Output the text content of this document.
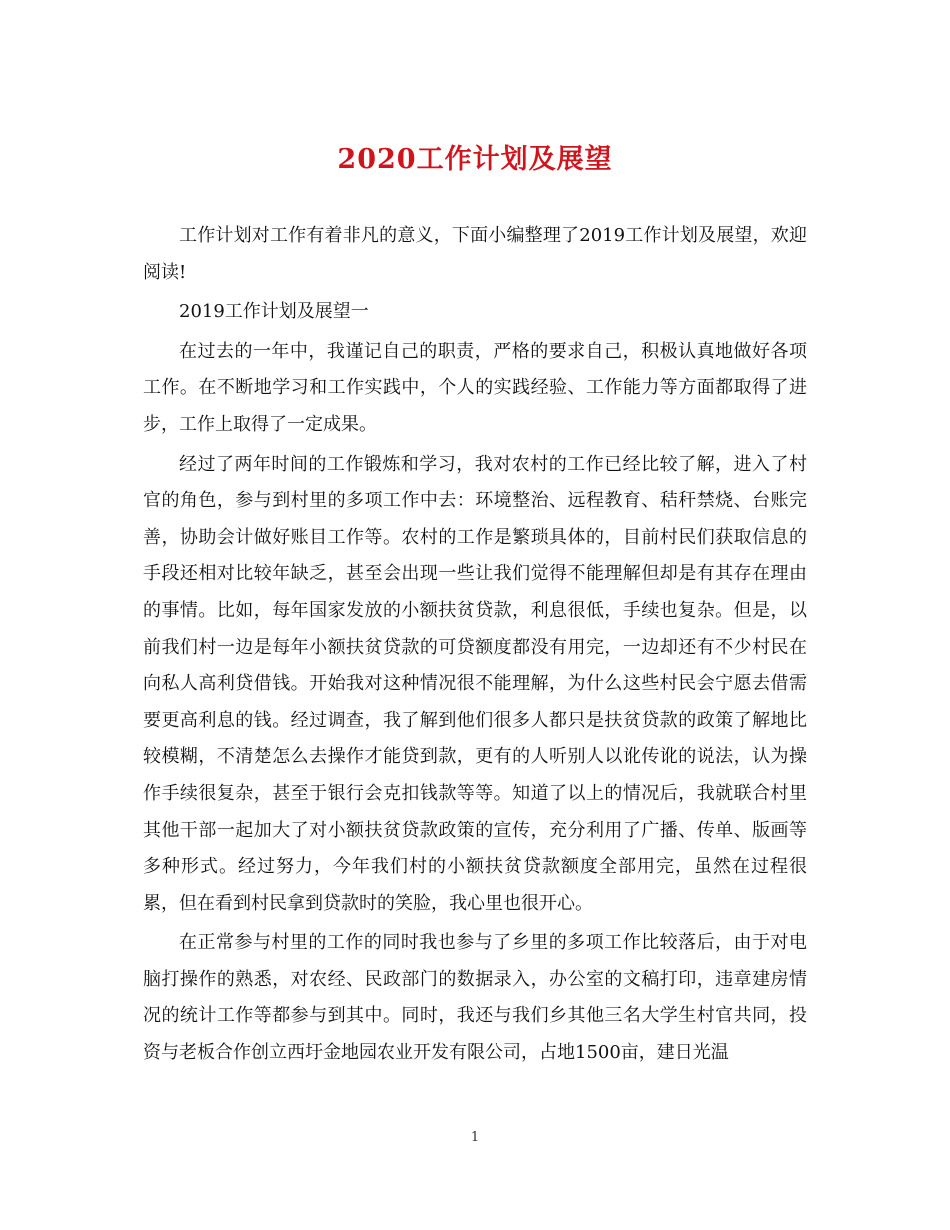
2020工作计划及展望

工作计划对工作有着非凡的意义，下面小编整理了2019工作计划及展望，欢迎阅读!

2019工作计划及展望一

在过去的一年中，我谨记自己的职责，严格的要求自己，积极认真地做好各项工作。在不断地学习和工作实践中，个人的实践经验、工作能力等方面都取得了进步，工作上取得了一定成果。

经过了两年时间的工作锻炼和学习，我对农村的工作已经比较了解，进入了村官的角色，参与到村里的多项工作中去：环境整治、远程教育、秸秆禁烧、台账完善，协助会计做好账目工作等。农村的工作是繁琐具体的，目前村民们获取信息的手段还相对比较年缺乏，甚至会出现一些让我们觉得不能理解但却是有其存在理由的事情。比如，每年国家发放的小额扶贫贷款，利息很低，手续也复杂。但是，以前我们村一边是每年小额扶贫贷款的可贷额度都没有用完，一边却还有不少村民在向私人高利贷借钱。开始我对这种情况很不能理解，为什么这些村民会宁愿去借需要更高利息的钱。经过调查，我了解到他们很多人都只是扶贫贷款的政策了解地比较模糊，不清楚怎么去操作才能贷到款，更有的人听别人以讹传讹的说法，认为操作手续很复杂，甚至于银行会克扣钱款等等。知道了以上的情况后，我就联合村里其他干部一起加大了对小额扶贫贷款政策的宣传，充分利用了广播、传单、版画等多种形式。经过努力，今年我们村的小额扶贫贷款额度全部用完，虽然在过程很累，但在看到村民拿到贷款时的笑脸，我心里也很开心。

在正常参与村里的工作的同时我也参与了乡里的多项工作比较落后，由于对电脑打操作的熟悉，对农经、民政部门的数据录入，办公室的文稿打印，违章建房情况的统计工作等都参与到其中。同时，我还与我们乡其他三名大学生村官共同，投资与老板合作创立西圩金地园农业开发有限公司，占地1500亩，建日光温

1
